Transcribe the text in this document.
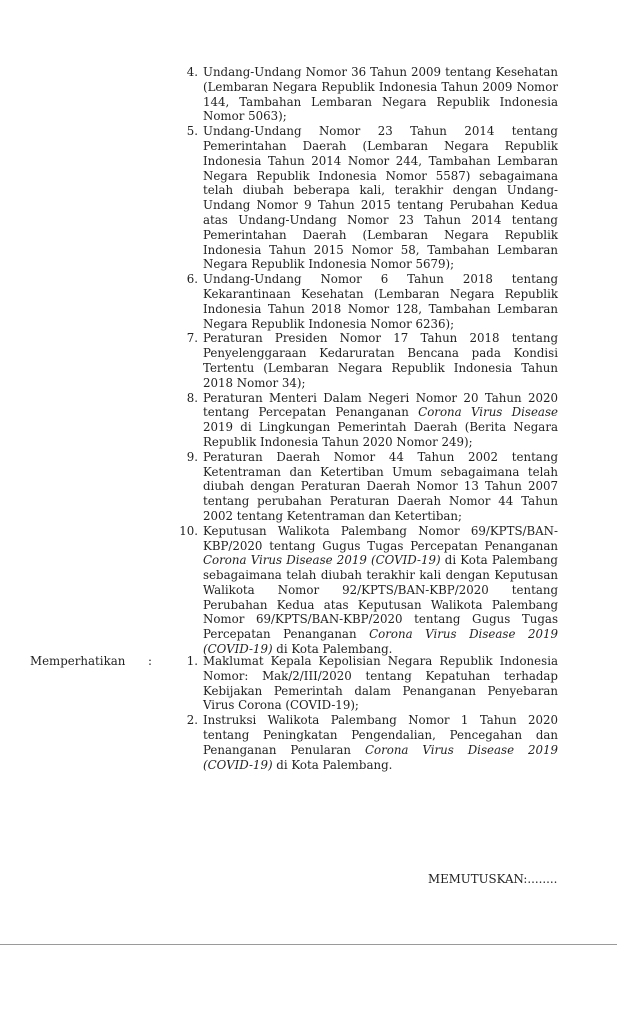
4. Undang-Undang Nomor 36 Tahun 2009 tentang Kesehatan (Lembaran Negara Republik Indonesia Tahun 2009 Nomor 144, Tambahan Lembaran Negara Republik Indonesia Nomor 5063);
5. Undang-Undang Nomor 23 Tahun 2014 tentang Pemerintahan Daerah (Lembaran Negara Republik Indonesia Tahun 2014 Nomor 244, Tambahan Lembaran Negara Republik Indonesia Nomor 5587) sebagaimana telah diubah beberapa kali, terakhir dengan Undang-Undang Nomor 9 Tahun 2015 tentang Perubahan Kedua atas Undang-Undang Nomor 23 Tahun 2014 tentang Pemerintahan Daerah (Lembaran Negara Republik Indonesia Tahun 2015 Nomor 58, Tambahan Lembaran Negara Republik Indonesia Nomor 5679);
6. Undang-Undang Nomor 6 Tahun 2018 tentang Kekarantinaan Kesehatan (Lembaran Negara Republik Indonesia Tahun 2018 Nomor 128, Tambahan Lembaran Negara Republik Indonesia Nomor 6236);
7. Peraturan Presiden Nomor 17 Tahun 2018 tentang Penyelenggaraan Kedaruratan Bencana pada Kondisi Tertentu (Lembaran Negara Republik Indonesia Tahun 2018 Nomor 34);
8. Peraturan Menteri Dalam Negeri Nomor 20 Tahun 2020 tentang Percepatan Penanganan Corona Virus Disease 2019 di Lingkungan Pemerintah Daerah (Berita Negara Republik Indonesia Tahun 2020 Nomor 249);
9. Peraturan Daerah Nomor 44 Tahun 2002 tentang Ketentraman dan Ketertiban Umum sebagaimana telah diubah dengan Peraturan Daerah Nomor 13 Tahun 2007 tentang perubahan Peraturan Daerah Nomor 44 Tahun 2002 tentang Ketentraman dan Ketertiban;
10. Keputusan Walikota Palembang Nomor 69/KPTS/BAN-KBP/2020 tentang Gugus Tugas Percepatan Penanganan Corona Virus Disease 2019 (COVID-19) di Kota Palembang sebagaimana telah diubah terakhir kali dengan Keputusan Walikota Nomor 92/KPTS/BAN-KBP/2020 tentang Perubahan Kedua atas Keputusan Walikota Palembang Nomor 69/KPTS/BAN-KBP/2020 tentang Gugus Tugas Percepatan Penanganan Corona Virus Disease 2019 (COVID-19) di Kota Palembang.
Memperhatikan	:	1. Maklumat Kepala Kepolisian Negara Republik Indonesia Nomor: Mak/2/III/2020 tentang Kepatuhan terhadap Kebijakan Pemerintah dalam Penanganan Penyebaran Virus Corona (COVID-19);
2. Instruksi Walikota Palembang Nomor 1 Tahun 2020 tentang Peningkatan Pengendalian, Pencegahan dan Penanganan Penularan Corona Virus Disease 2019 (COVID-19) di Kota Palembang.
MEMUTUSKAN:........
